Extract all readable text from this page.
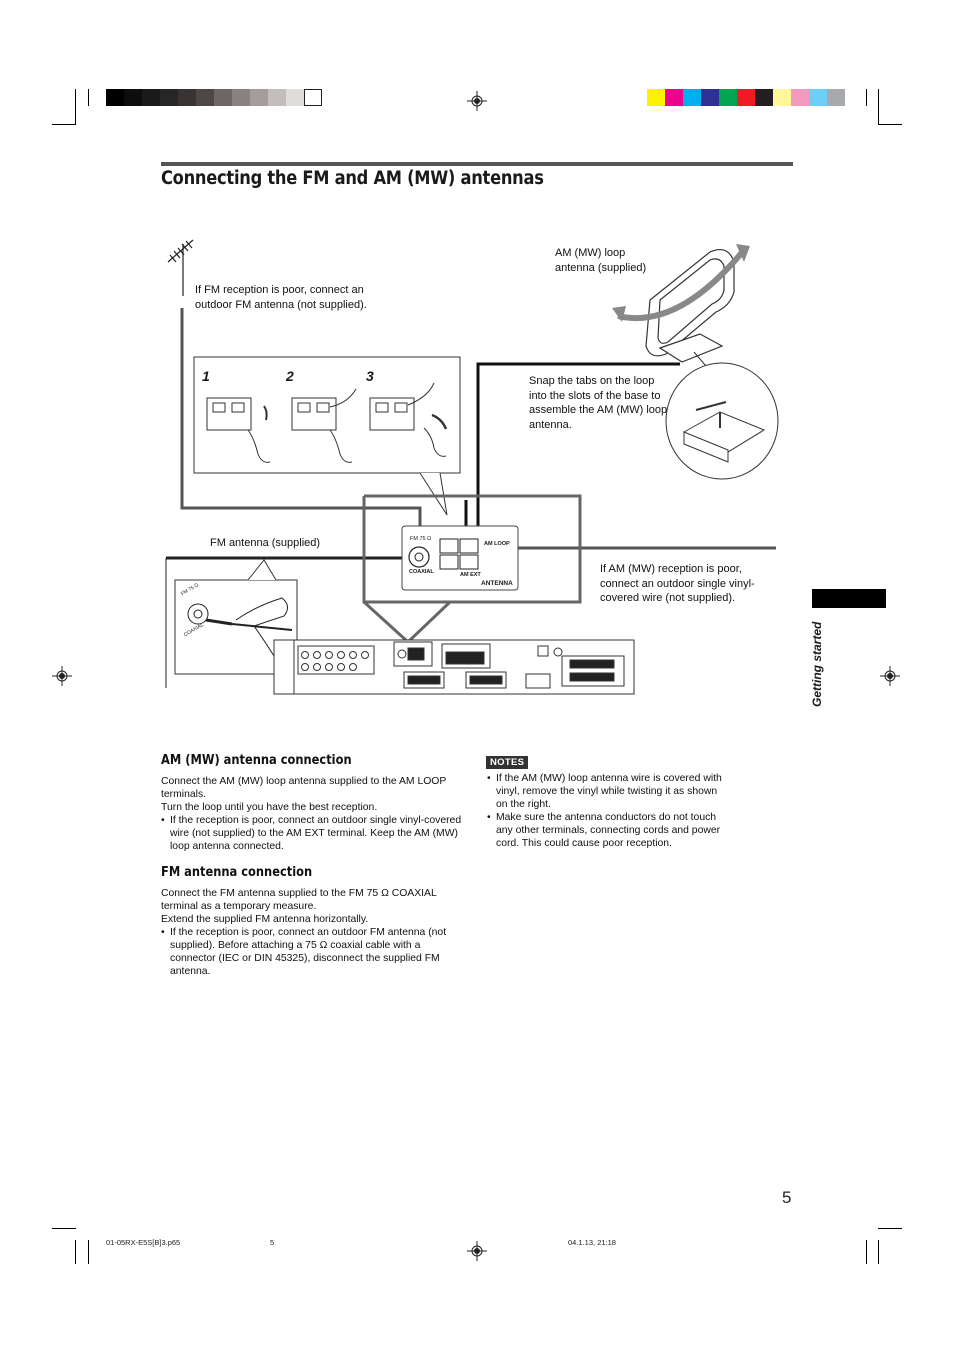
Connecting the FM and AM (MW) antennas
If FM reception is poor, connect an outdoor FM antenna (not supplied).
AM (MW) loop antenna (supplied)
Snap the tabs on the loop into the slots of the base to assemble the AM (MW) loop antenna.
FM antenna (supplied)
If AM (MW) reception is poor, connect an outdoor single vinyl-covered wire (not supplied).
1	2	3
FM 75 Ω
COAXIAL
AM LOOP
AM EXT
ANTENNA
FM 75 Ω
COAXIAL	Getting started
AM (MW) antenna connection

Connect the AM (MW) loop antenna supplied to the AM LOOP terminals.

Turn the loop until you have the best reception.

• If the reception is poor, connect an outdoor single vinyl-covered wire (not supplied) to the AM EXT terminal. Keep the AM (MW) loop antenna connected.

FM antenna connection

Connect the FM antenna supplied to the FM 75 Ω COAXIAL terminal as a temporary measure.

Extend the supplied FM antenna horizontally.

• If the reception is poor, connect an outdoor FM antenna (not supplied). Before attaching a 75 Ω coaxial cable with a connector (IEC or DIN 45325), disconnect the supplied FM antenna.

NOTES

• If the AM (MW) loop antenna wire is covered with vinyl, remove the vinyl while twisting it as shown on the right.

• Make sure the antenna conductors do not touch any other terminals, connecting cords and power cord. This could cause poor reception.

5
01-05RX-E5S[B]3.p65	5	04.1.13, 21:18
